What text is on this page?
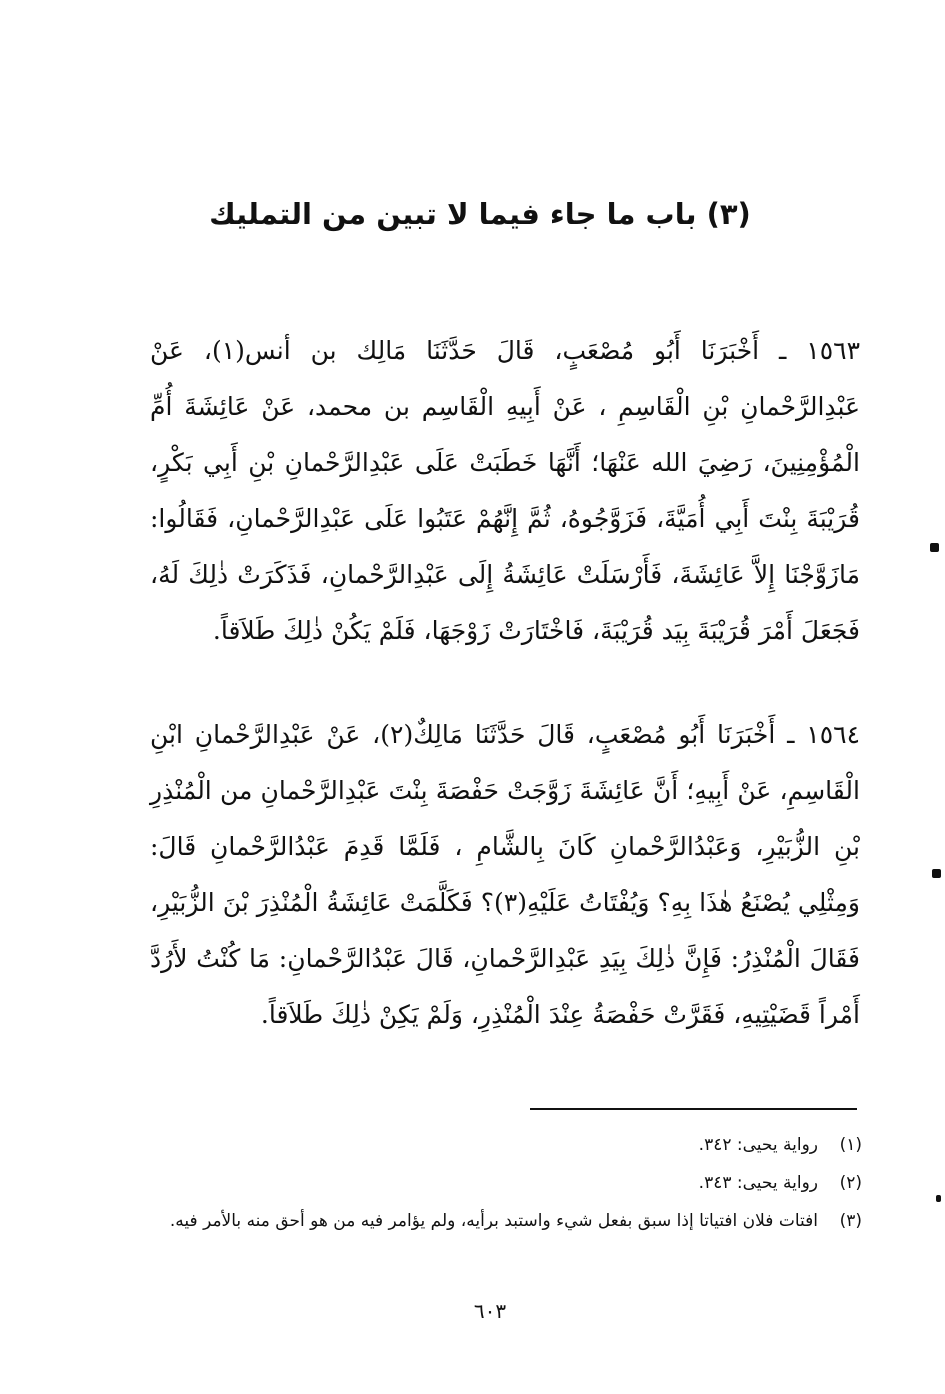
(٣) باب ما جاء فيما لا تبين من التمليك

١٥٦٣ ـ أَخْبَرَنَا أَبُو مُصْعَبٍ، قَالَ حَدَّثَنَا مَالِك بن أنس(١)، عَنْ عَبْدِالرَّحْمانِ بْنِ الْقَاسِمِ ، عَنْ أَبِيهِ الْقَاسِم بن محمد، عَنْ عَائِشَةَ أُمِّ الْمُؤْمِنِينَ، رَضِيَ الله عَنْهَا؛ أَنَّهَا خَطَبَتْ عَلَى عَبْدِالرَّحْمانِ بْنِ أَبِي بَكْرٍ، قُرَيْبَةَ بِنْتَ أَبِي أُمَيَّةَ، فَزَوَّجُوهُ، ثُمَّ إِنَّهُمْ عَتَبُوا عَلَى عَبْدِالرَّحْمانِ، فَقَالُوا: مَازَوَّجْنَا إِلاَّ عَائِشَةَ، فَأَرْسَلَتْ عَائِشَةُ إِلَى عَبْدِالرَّحْمانِ، فَذَكَرَتْ ذٰلِكَ لَهُ، فَجَعَلَ أَمْرَ قُرَيْبَةَ بِيَد قُرَيْبَةَ، فَاخْتَارَتْ زَوْجَهَا، فَلَمْ يَكُنْ ذٰلِكَ طَلاَقاً.

١٥٦٤ ـ أَخْبَرَنَا أَبُو مُصْعَبٍ، قَالَ حَدَّثَنَا مَالِكٌ(٢)، عَنْ عَبْدِالرَّحْمانِ ابْنِ الْقَاسِمِ، عَنْ أَبِيهِ؛ أَنَّ عَائِشَةَ زَوَّجَتْ حَفْصَةَ بِنْتَ عَبْدِالرَّحْمانِ من الْمُنْذِرِ بْنِ الزُّبَيْرِ، وَعَبْدُالرَّحْمانِ كَانَ بِالشَّامِ ، فَلَمَّا قَدِمَ عَبْدُالرَّحْمانِ قَالَ: وَمِثْلِي يُصْنَعُ هٰذَا بِهِ؟ وَيُفْتَاتُ عَلَيْهِ(٣)؟ فَكَلَّمَتْ عَائِشَةُ الْمُنْذِرَ بْنَ الزُّبَيْرِ، فَقَالَ الْمُنْذِرُ: فَإِنَّ ذٰلِكَ بِيَدِ عَبْدِالرَّحْمانِ، قَالَ عَبْدُالرَّحْمانِ: مَا كُنْتُ لأَرُدَّ أَمْراً قَضَيْتِيهِ، فَقَرَّتْ حَفْصَةُ عِنْدَ الْمُنْذِرِ، وَلَمْ يَكِنْ ذٰلِكَ طَلاَقاً.

(١)
رواية يحيى: ٣٤٢.
(٢)
رواية يحيى: ٣٤٣.
(٣)
افتات فلان افتياتا إذا سبق بفعل شيء واستبد برأيه، ولم يؤامر فيه من هو أحق منه بالأمر فيه.
٦٠٣
